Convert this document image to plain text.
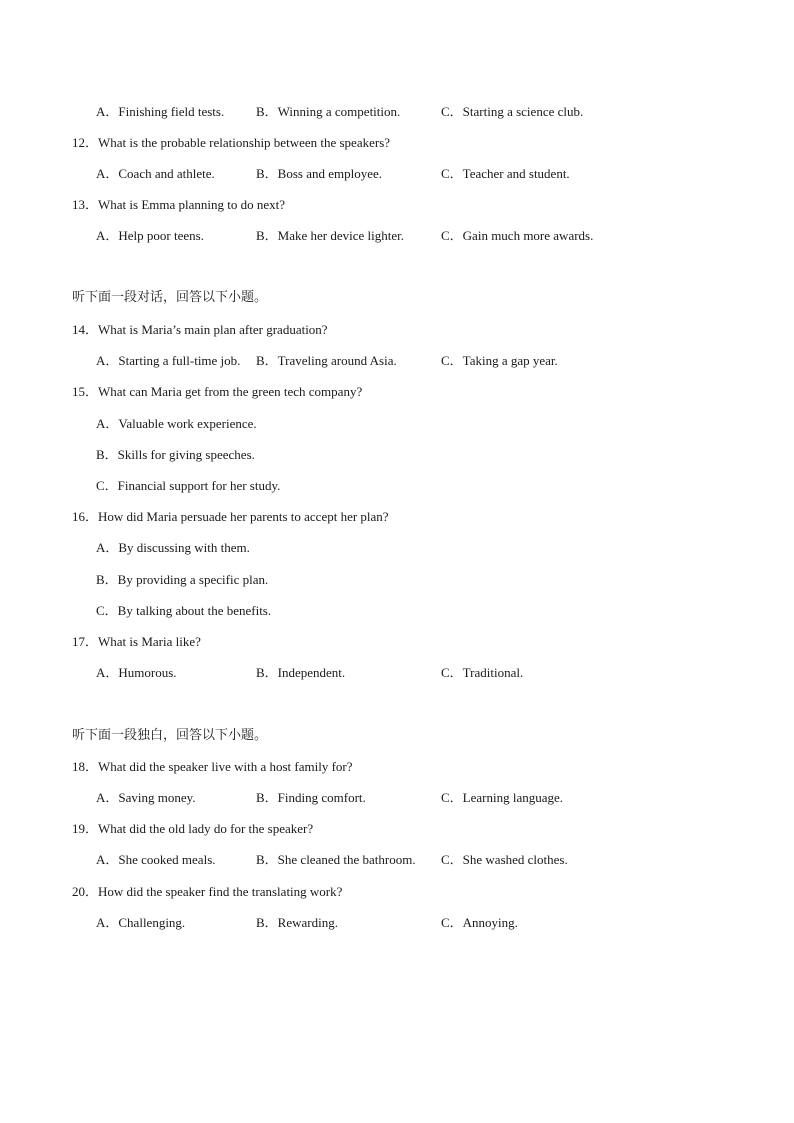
A．Finishing field tests. B．Winning a competition.	C．Starting a science club.
12．What is the probable relationship between the speakers?
A．Coach and athlete.	B．Boss and employee.	C．Teacher and student.
13．What is Emma planning to do next?
A．Help poor teens.	B．Make her device lighter.	C．Gain much more awards.
听下面一段对话，回答以下小题。
14．What is Maria’s main plan after graduation?
A．Starting a full-time job. B．Traveling around Asia.	C．Taking a gap year.
15．What can Maria get from the green tech company?
A．Valuable work experience.
B．Skills for giving speeches.
C．Financial support for her study.
16．How did Maria persuade her parents to accept her plan?
A．By discussing with them.
B．By providing a specific plan.
C．By talking about the benefits.
17．What is Maria like?
A．Humorous.	B．Independent.	C．Traditional.
听下面一段独白，回答以下小题。
18．What did the speaker live with a host family for?
A．Saving money.	B．Finding comfort.	C．Learning language.
19．What did the old lady do for the speaker?
A．She cooked meals.	B．She cleaned the bathroom. C．She washed clothes.
20．How did the speaker find the translating work?
A．Challenging.	B．Rewarding.	C．Annoying.
